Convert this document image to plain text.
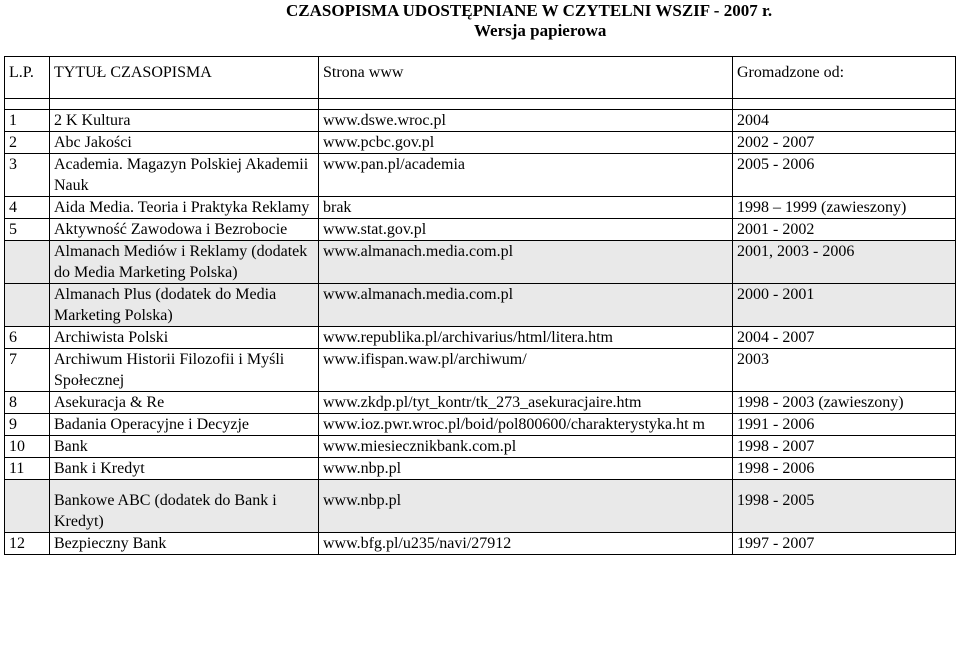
CZASOPISMA UDOSTĘPNIANE W CZYTELNI WSZIF - 2007 r.
Wersja papierowa
L.P.	TYTUŁ CZASOPISMA	Strona www	Gromadzone od:

1	2 K Kultura	www.dswe.wroc.pl	2004
2	Abc Jakości	www.pcbc.gov.pl	2002 - 2007
3	Academia. Magazyn Polskiej Akademii Nauk	www.pan.pl/academia	2005 - 2006
4	Aida Media. Teoria i Praktyka Reklamy	brak	1998 – 1999 (zawieszony)
5	Aktywność Zawodowa i Bezrobocie	www.stat.gov.pl	2001 - 2002
	Almanach Mediów i Reklamy (dodatek do Media Marketing Polska)	www.almanach.media.com.pl	2001, 2003 - 2006
	Almanach Plus (dodatek do Media Marketing Polska)	www.almanach.media.com.pl	2000 - 2001
6	Archiwista Polski	www.republika.pl/archivarius/html/litera.htm	2004 - 2007
7	Archiwum Historii Filozofii i Myśli Społecznej	www.ifispan.waw.pl/archiwum/	2003
8	Asekuracja & Re	www.zkdp.pl/tyt_kontr/tk_273_asekuracjaire.htm	1998 - 2003 (zawieszony)
9	Badania Operacyjne i Decyzje	www.ioz.pwr.wroc.pl/boid/pol800600/charakterystyka.ht m	1991 - 2006
10	Bank	www.miesiecznikbank.com.pl	1998 - 2007
11	Bank i Kredyt	www.nbp.pl	1998 - 2006
	Bankowe ABC (dodatek do Bank i Kredyt)	www.nbp.pl	1998 - 2005
12	Bezpieczny Bank	www.bfg.pl/u235/navi/27912	1997 - 2007
